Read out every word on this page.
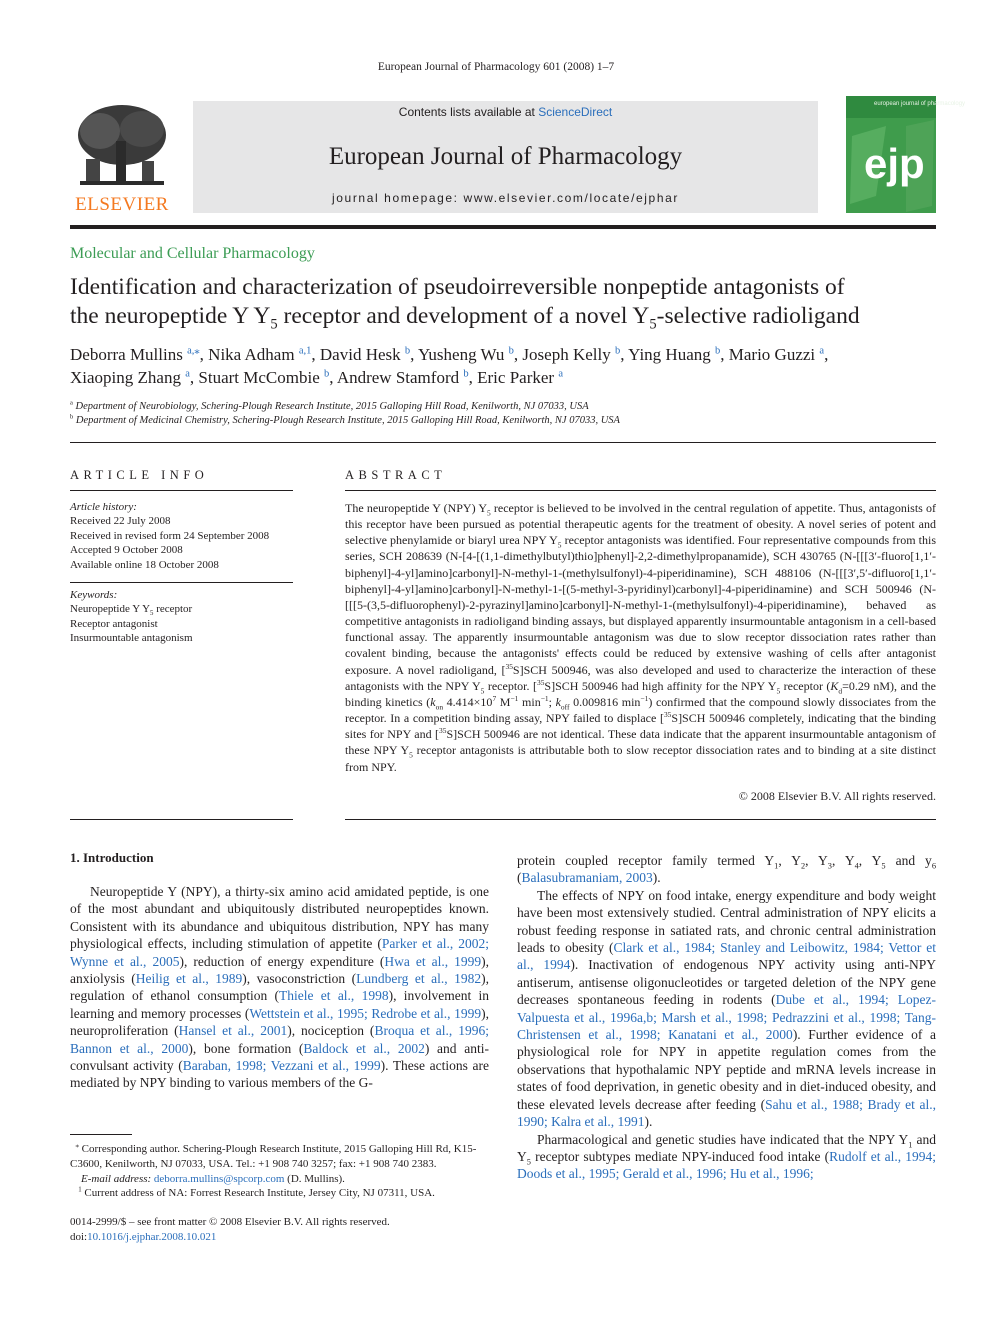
European Journal of Pharmacology 601 (2008) 1–7
ELSEVIER
Contents lists available at ScienceDirect
European Journal of Pharmacology
journal homepage: www.elsevier.com/locate/ejphar
european journal of pharmacology
ejp
Molecular and Cellular Pharmacology
Identification and characterization of pseudoirreversible nonpeptide antagonists of
the neuropeptide Y $Y_5$ receptor and development of a novel $Y_5$-selective radioligand
Deborra Mullins $^{a,⁎}$, Nika Adham $^{a,1}$, David Hesk $^b$, Yusheng Wu $^b$, Joseph Kelly $^b$, Ying Huang $^b$, Mario Guzzi $^a$,
Xiaoping Zhang $^a$, Stuart McCombie $^b$, Andrew Stamford $^b$, Eric Parker $^a$
$^a$ Department of Neurobiology, Schering-Plough Research Institute, 2015 Galloping Hill Road, Kenilworth, NJ 07033, USA
$^b$ Department of Medicinal Chemistry, Schering-Plough Research Institute, 2015 Galloping Hill Road, Kenilworth, NJ 07033, USA
ARTICLE INFO	ABSTRACT
Article history:
Received 22 July 2008
Received in revised form 24 September 2008
Accepted 9 October 2008
Available online 18 October 2008
Keywords:
Neuropeptide Y $Y_5$ receptor
Receptor antagonist
Insurmountable antagonism
The neuropeptide Y (NPY) $Y_5$ receptor is believed to be involved in the central regulation of appetite. Thus, antagonists of this receptor have been pursued as potential therapeutic agents for the treatment of obesity. A novel series of potent and selective phenylamide or biaryl urea NPY $Y_5$ receptor antagonists was identified. Four representative compounds from this series, SCH 208639 (N-[4-[(1,1-dimethylbutyl)thio]phenyl]-2,2-dimethylpropanamide), SCH 430765 (N-[[[3′-fluoro[1,1′-biphenyl]-4-yl]amino]carbonyl]-N-methyl-1-(methylsulfonyl)-4-piperidinamine), SCH 488106 (N-[[[3′,5′-difluoro[1,1′-biphenyl]-4-yl]amino]carbonyl]-N-methyl-1-[(5-methyl-3-pyridinyl)carbonyl]-4-piperidinamine) and SCH 500946 (N-[[[5-(3,5-difluorophenyl)-2-pyrazinyl]amino]carbonyl]-N-methyl-1-(methylsulfonyl)-4-piperidinamine), behaved as competitive antagonists in radioligand binding assays, but displayed apparently insurmountable antagonism in a cell-based functional assay. The apparently insurmountable antagonism was due to slow receptor dissociation rates rather than covalent binding, because the antagonists' effects could be reduced by extensive washing of cells after antagonist exposure. A novel radioligand, [$^{35}$S]SCH 500946, was also developed and used to characterize the interaction of these antagonists with the NPY $Y_5$ receptor. [$^{35}$S]SCH 500946 had high affinity for the NPY $Y_5$ receptor ($K_d=0.29$ nM), and the binding kinetics ($k_{on}$ $4.414\times 10^7$ $M^{-1}$ $\min^{-1}$; $k_{off}$ 0.009816 $\min^{-1}$) confirmed that the compound slowly dissociates from the receptor. In a competition binding assay, NPY failed to displace [$^{35}$S]SCH 500946 completely, indicating that the binding sites for NPY and [$^{35}$S]SCH 500946 are not identical. These data indicate that the apparent insurmountable antagonism of these NPY $Y_5$ receptor antagonists is attributable both to slow receptor dissociation rates and to binding at a site distinct from NPY.
© 2008 Elsevier B.V. All rights reserved.
1. Introduction

Neuropeptide Y (NPY), a thirty-six amino acid amidated peptide, is one of the most abundant and ubiquitously distributed neuropeptides known. Consistent with its abundance and ubiquitous distribution, NPY has many physiological effects, including stimulation of appetite (Parker et al., 2002; Wynne et al., 2005), reduction of energy expenditure (Hwa et al., 1999), anxiolysis (Heilig et al., 1989), vasoconstriction (Lundberg et al., 1982), regulation of ethanol consumption (Thiele et al., 1998), involvement in learning and memory processes (Wettstein et al., 1995; Redrobe et al., 1999), neuroproliferation (Hansel et al., 2001), nociception (Broqua et al., 1996; Bannon et al., 2000), bone formation (Baldock et al., 2002) and anti-convulsant activity (Baraban, 1998; Vezzani et al., 1999). These actions are mediated by NPY binding to various members of the G-

protein coupled receptor family termed $Y_1$, $Y_2$, $Y_3$, $Y_4$, $Y_5$ and $y_6$ (Balasubramaniam, 2003).

The effects of NPY on food intake, energy expenditure and body weight have been most extensively studied. Central administration of NPY elicits a robust feeding response in satiated rats, and chronic central administration leads to obesity (Clark et al., 1984; Stanley and Leibowitz, 1984; Vettor et al., 1994). Inactivation of endogenous NPY activity using anti-NPY antiserum, antisense oligonucleotides or targeted deletion of the NPY gene decreases spontaneous feeding in rodents (Dube et al., 1994; Lopez-Valpuesta et al., 1996a,b; Marsh et al., 1998; Pedrazzini et al., 1998; Tang-Christensen et al., 1998; Kanatani et al., 2000). Further evidence of a physiological role for NPY in appetite regulation comes from the observations that hypothalamic NPY peptide and mRNA levels increase in states of food deprivation, in genetic obesity and in diet-induced obesity, and these elevated levels decrease after feeding (Sahu et al., 1988; Brady et al., 1990; Kalra et al., 1991).

Pharmacological and genetic studies have indicated that the NPY $Y_1$ and $Y_5$ receptor subtypes mediate NPY-induced food intake (Rudolf et al., 1994; Doods et al., 1995; Gerald et al., 1996; Hu et al., 1996;

⁎ Corresponding author. Schering-Plough Research Institute, 2015 Galloping Hill Rd, K15-C3600, Kenilworth, NJ 07033, USA. Tel.: +1 908 740 3257; fax: +1 908 740 2383.
E-mail address: deborra.mullins@spcorp.com (D. Mullins).
$^1$ Current address of NA: Forrest Research Institute, Jersey City, NJ 07311, USA.
0014-2999/$ – see front matter © 2008 Elsevier B.V. All rights reserved.
doi:10.1016/j.ejphar.2008.10.021
